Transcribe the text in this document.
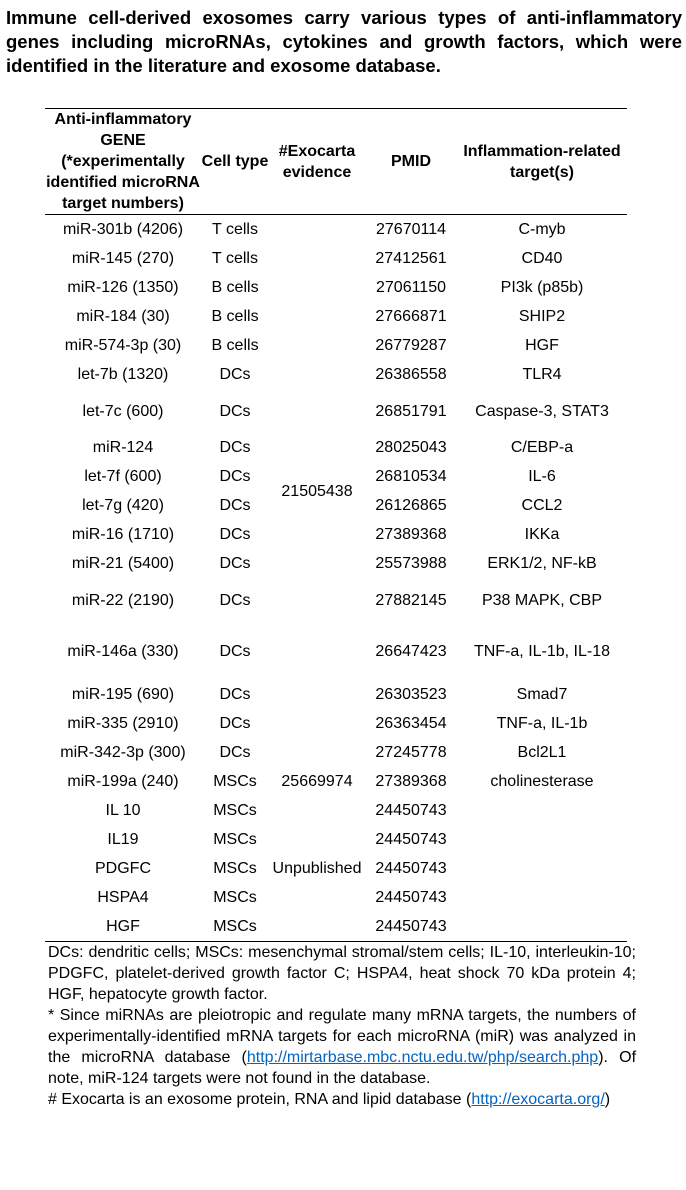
Immune cell-derived exosomes carry various types of anti-inflammatory genes including microRNAs, cytokines and growth factors, which were identified in the literature and exosome database.
Anti-inflammatory GENE (*experimentally identified microRNA target numbers)	Cell type	#Exocarta evidence	PMID	Inflammation-related target(s)
miR-301b (4206)	T cells	21505438	27670114	C-myb
miR-145 (270)	T cells		27412561	CD40
miR-126 (1350)	B cells		27061150	PI3k (p85b)
miR-184 (30)	B cells		27666871	SHIP2
miR-574-3p (30)	B cells		26779287	HGF
let-7b (1320)	DCs		26386558	TLR4
let-7c (600)	DCs		26851791	Caspase-3, STAT3
miR-124	DCs		28025043	C/EBP-a
let-7f (600)	DCs		26810534	IL-6
let-7g (420)	DCs		26126865	CCL2
miR-16 (1710)	DCs		27389368	IKKa
miR-21 (5400)	DCs		25573988	ERK1/2, NF-kB
miR-22 (2190)	DCs		27882145	P38 MAPK, CBP
miR-146a (330)	DCs		26647423	TNF-a, IL-1b, IL-18
miR-195 (690)	DCs		26303523	Smad7
miR-335 (2910)	DCs		26363454	TNF-a, IL-1b
miR-342-3p (300)	DCs		27245778	Bcl2L1
miR-199a (240)	MSCs	25669974	27389368	cholinesterase
IL 10	MSCs	Unpublished	24450743	
IL19	MSCs		24450743	
PDGFC	MSCs		24450743	
HSPA4	MSCs		24450743	
HGF	MSCs		24450743	

DCs: dendritic cells; MSCs: mesenchymal stromal/stem cells; IL-10, interleukin-10; PDGFC, platelet-derived growth factor C; HSPA4, heat shock 70 kDa protein 4; HGF, hepatocyte growth factor.

* Since miRNAs are pleiotropic and regulate many mRNA targets, the numbers of experimentally-identified mRNA targets for each microRNA (miR) was analyzed in the microRNA database (http://mirtarbase.mbc.nctu.edu.tw/php/search.php). Of note, miR-124 targets were not found in the database.

# Exocarta is an exosome protein, RNA and lipid database (http://exocarta.org/)
